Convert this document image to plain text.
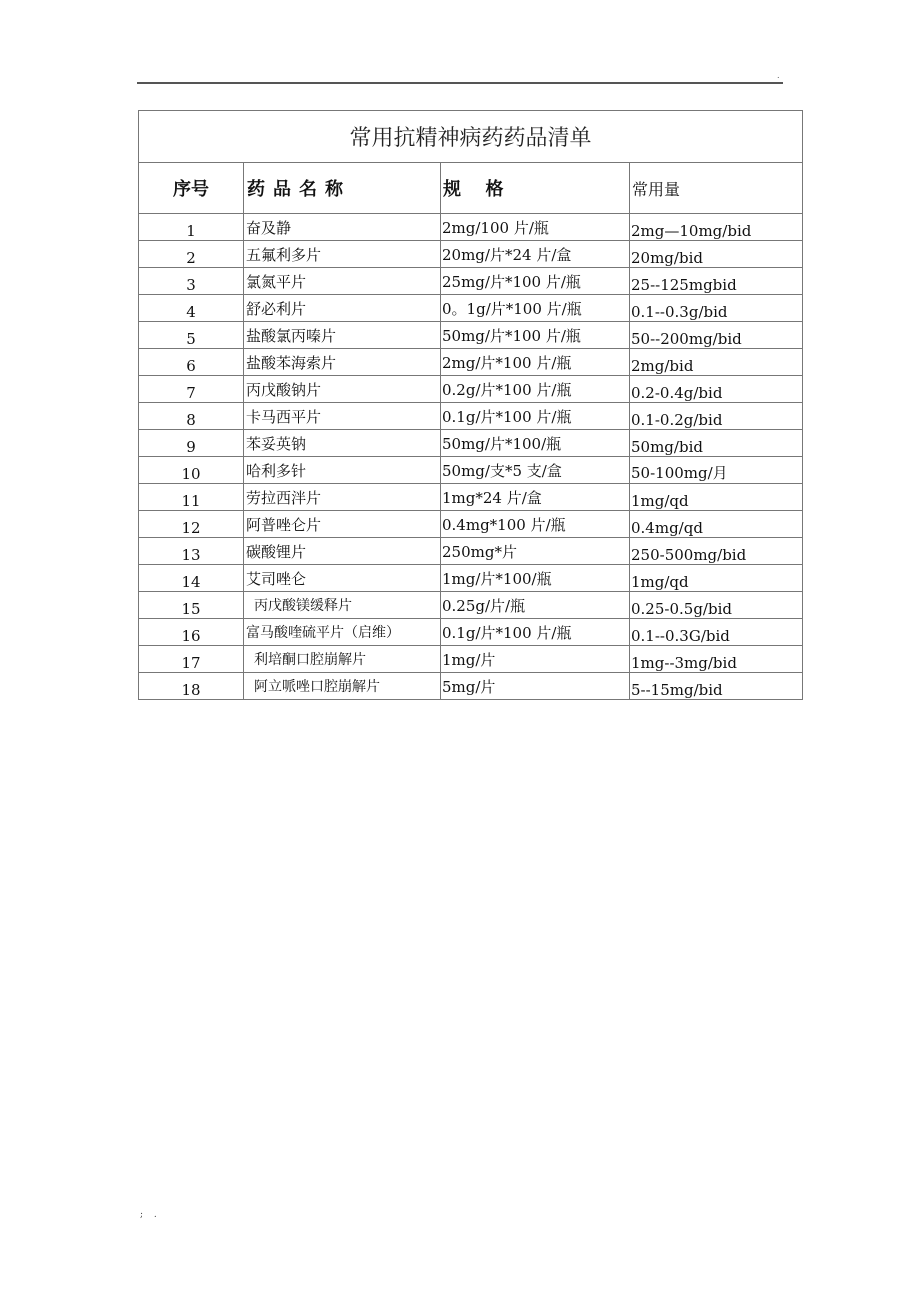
.
常用抗精神病药药品清单			
序号	药品名称	规  格	常用量
1	奋及静	2mg/100 片/瓶	2mg—10mg/bid
2	五氟利多片	20mg/片*24 片/盒	20mg/bid
3	氯氮平片	25mg/片*100 片/瓶	25--125mgbid
4	舒必利片	0。1g/片*100 片/瓶	0.1--0.3g/bid
5	盐酸氯丙嗪片	50mg/片*100 片/瓶	50--200mg/bid
6	盐酸苯海索片	2mg/片*100 片/瓶	2mg/bid
7	丙戊酸钠片	0.2g/片*100 片/瓶	0.2-0.4g/bid
8	卡马西平片	0.1g/片*100 片/瓶	0.1-0.2g/bid
9	苯妥英钠	50mg/片*100/瓶	50mg/bid
10	哈利多针	50mg/支*5 支/盒	50-100mg/月
11	劳拉西泮片	1mg*24 片/盒	1mg/qd
12	阿普唑仑片	0.4mg*100 片/瓶	0.4mg/qd
13	碳酸锂片	250mg*片	250-500mg/bid
14	艾司唑仑	1mg/片*100/瓶	1mg/qd
15	丙戊酸镁缓释片	0.25g/片/瓶	0.25-0.5g/bid
16	富马酸喹硫平片（启维）	0.1g/片*100 片/瓶	0.1--0.3G/bid
17	利培酮口腔崩解片	1mg/片	1mg--3mg/bid
18	阿立哌唑口腔崩解片	5mg/片	5--15mg/bid
; .
